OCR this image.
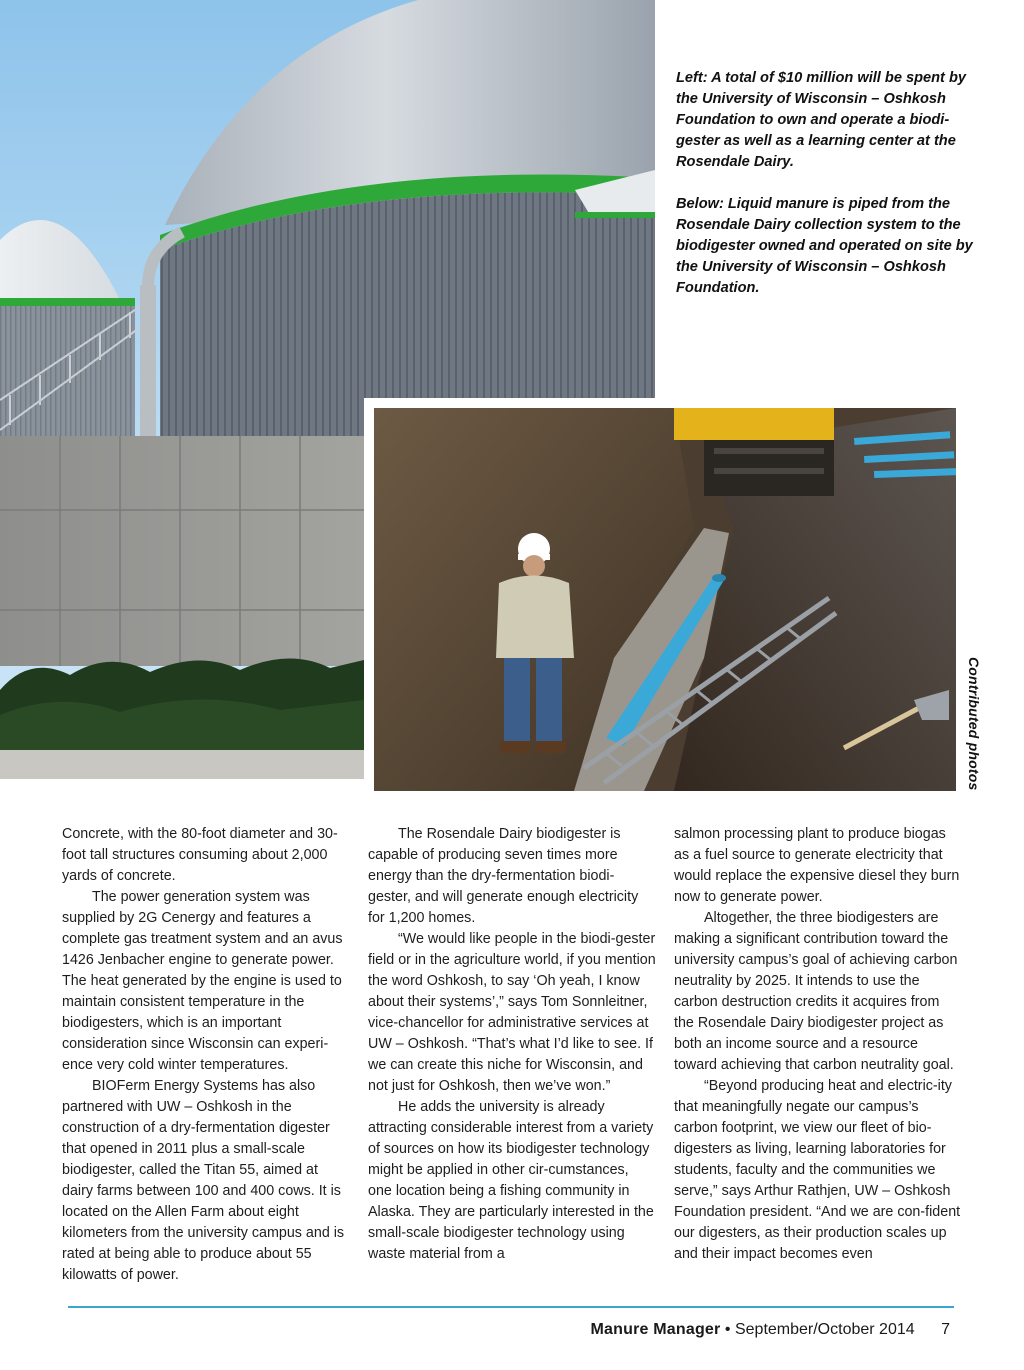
Left: A total of $10 million will be spent by the University of Wisconsin – Oshkosh Foundation to own and operate a biodi-gester as well as a learning center at the Rosendale Dairy.

Below: Liquid manure is piped from the Rosendale Dairy collection system to the biodigester owned and operated on site by the University of Wisconsin – Oshkosh Foundation.

Contributed photos

Concrete, with the 80-foot diameter and 30-foot tall structures consuming about 2,000 yards of concrete.

The power generation system was supplied by 2G Cenergy and features a complete gas treatment system and an avus 1426 Jenbacher engine to generate power. The heat generated by the engine is used to maintain consistent temperature in the biodigesters, which is an important consideration since Wisconsin can experi-ence very cold winter temperatures.

BIOFerm Energy Systems has also partnered with UW – Oshkosh in the construction of a dry-fermentation digester that opened in 2011 plus a small-scale biodigester, called the Titan 55, aimed at dairy farms between 100 and 400 cows. It is located on the Allen Farm about eight kilometers from the university campus and is rated at being able to produce about 55 kilowatts of power.

The Rosendale Dairy biodigester is capable of producing seven times more energy than the dry-fermentation biodi-gester, and will generate enough electricity for 1,200 homes.

“We would like people in the biodi-gester field or in the agriculture world, if you mention the word Oshkosh, to say ‘Oh yeah, I know about their systems’,” says Tom Sonnleitner, vice-chancellor for administrative services at UW – Oshkosh. “That’s what I’d like to see. If we can create this niche for Wisconsin, and not just for Oshkosh, then we’ve won.”

He adds the university is already attracting considerable interest from a variety of sources on how its biodigester technology might be applied in other cir-cumstances, one location being a fishing community in Alaska. They are particularly interested in the small-scale biodigester technology using waste material from a

salmon processing plant to produce biogas as a fuel source to generate electricity that would replace the expensive diesel they burn now to generate power.

Altogether, the three biodigesters are making a significant contribution toward the university campus’s goal of achieving carbon neutrality by 2025. It intends to use the carbon destruction credits it acquires from the Rosendale Dairy biodigester project as both an income source and a resource toward achieving that carbon neutrality goal.

“Beyond producing heat and electric-ity that meaningfully negate our campus’s carbon footprint, we view our fleet of bio-digesters as living, learning laboratories for students, faculty and the communities we serve,” says Arthur Rathjen, UW – Oshkosh Foundation president. “And we are con-fident our digesters, as their production scales up and their impact becomes even

Manure Manager • September/October 2014 7
